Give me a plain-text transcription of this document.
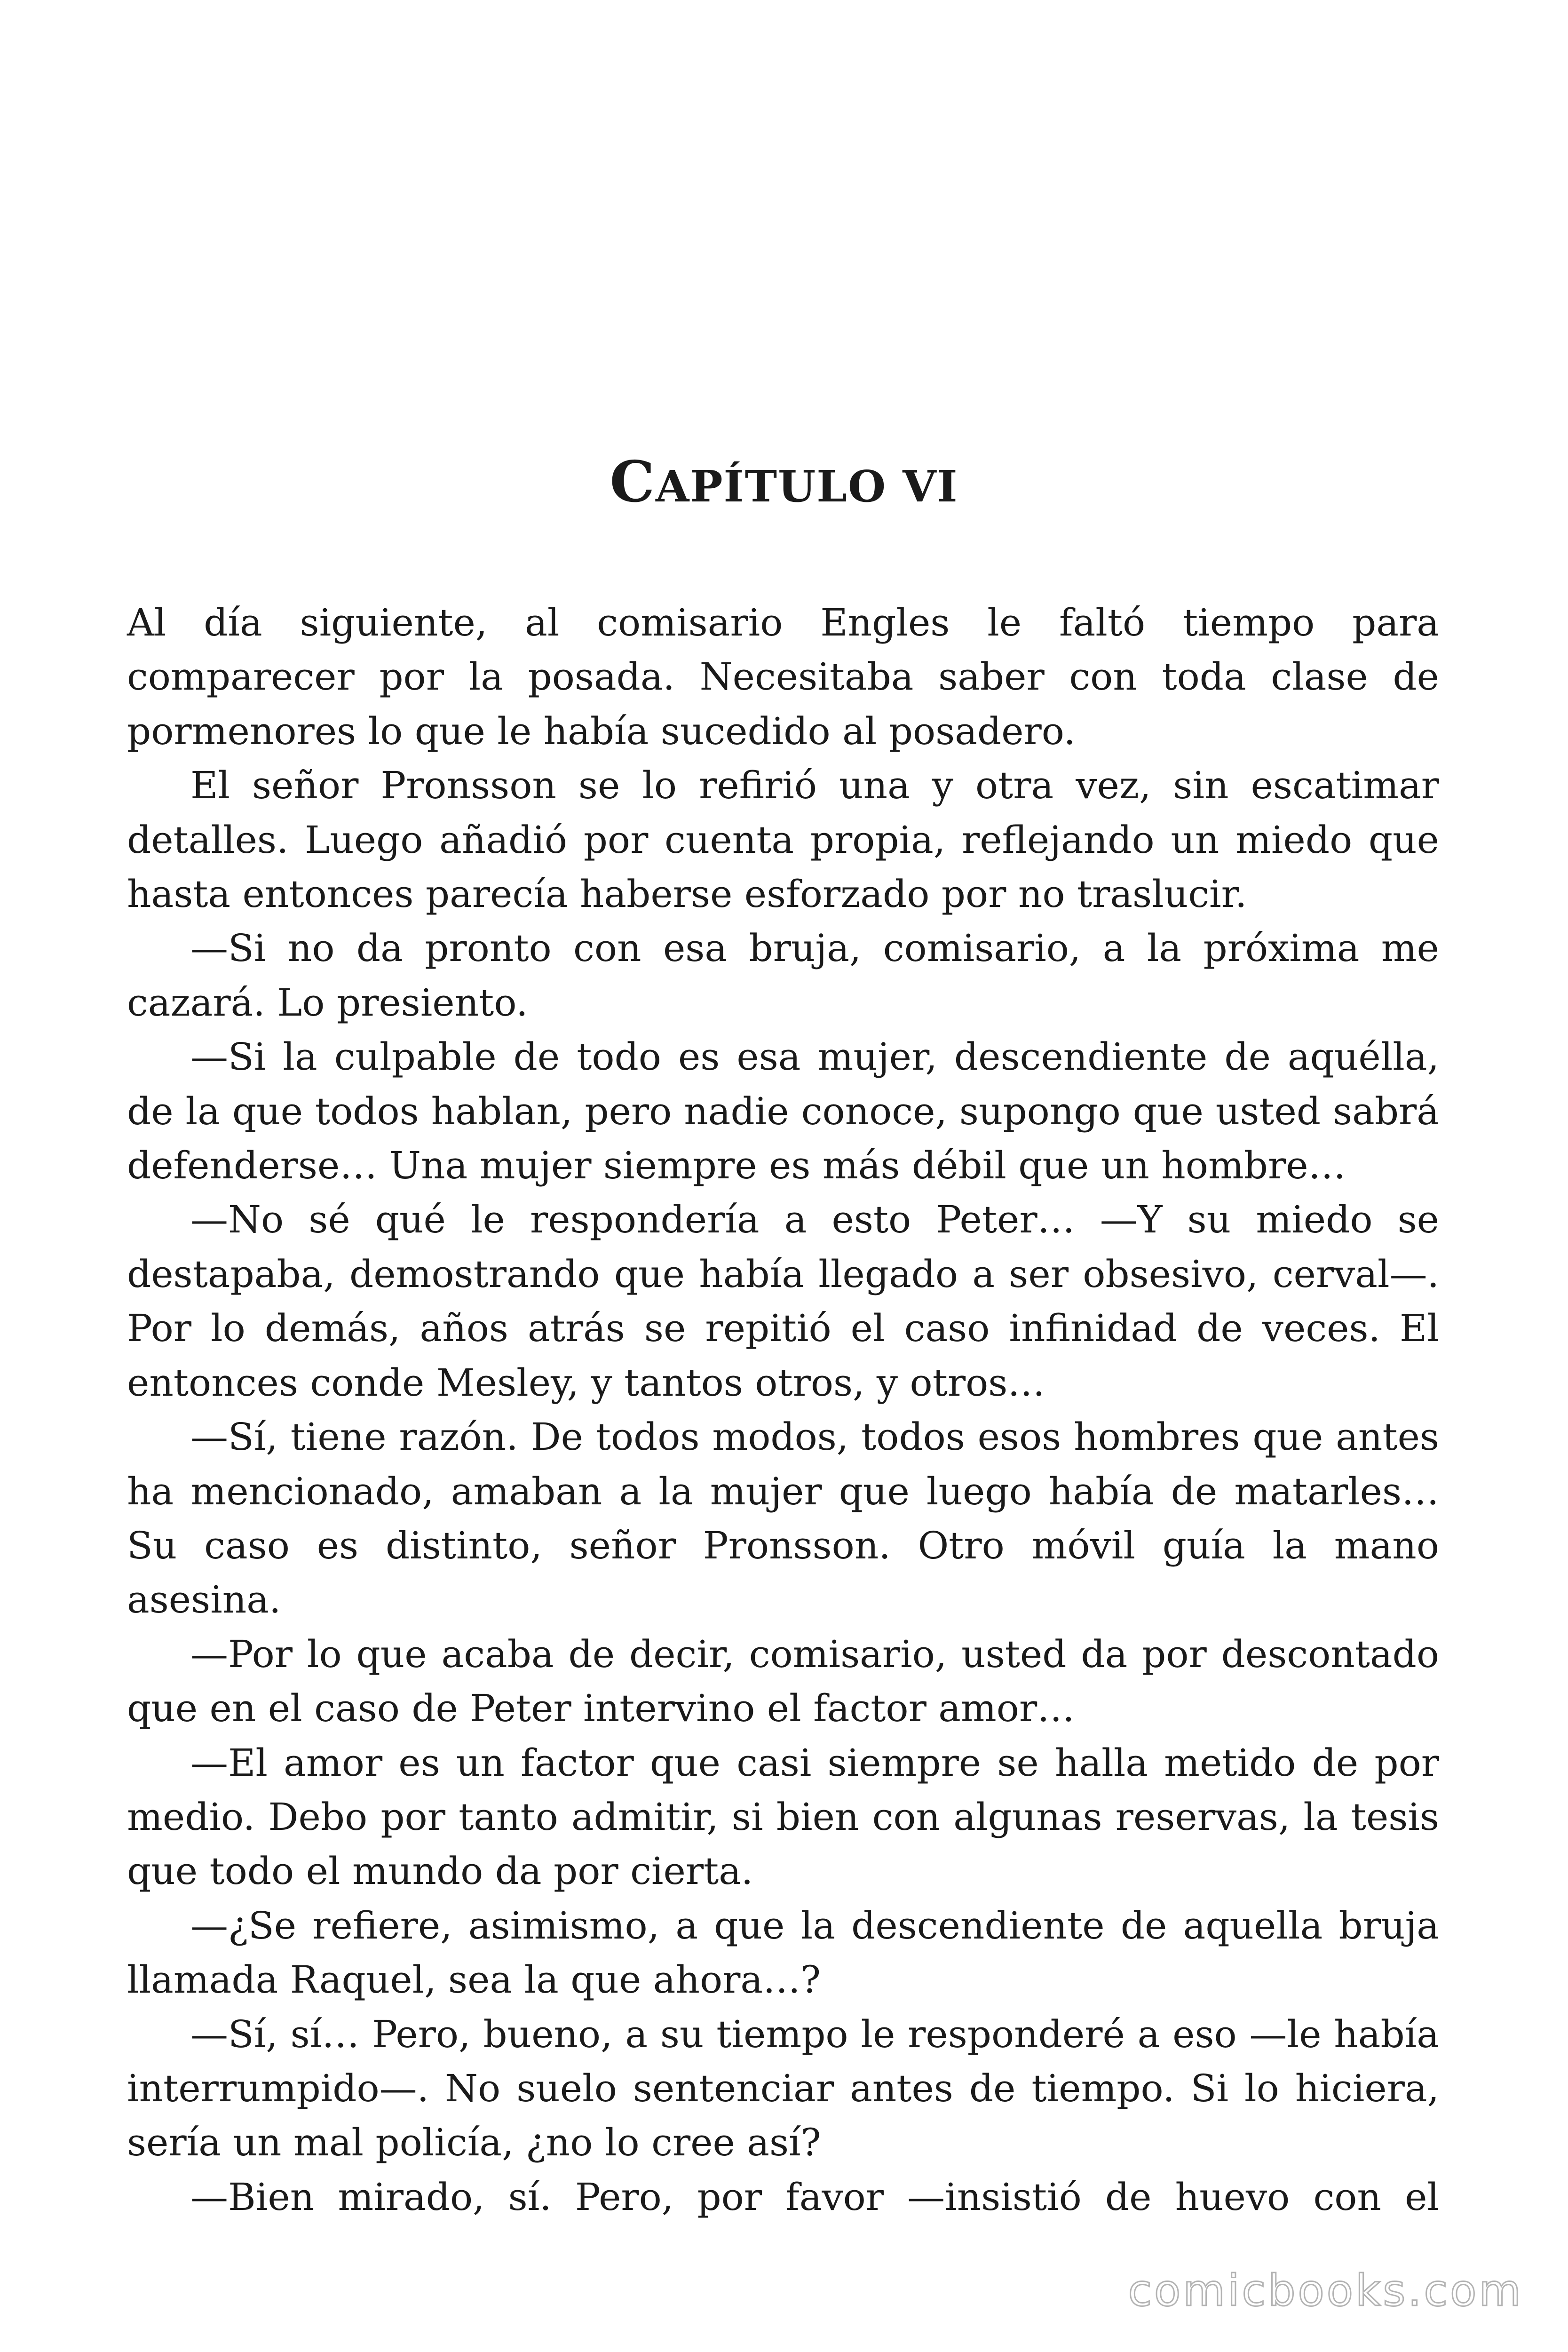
CAPÍTULO VI

Al día siguiente, al comisario Engles le faltó tiempo para comparecer por la posada. Necesitaba saber con toda clase de pormenores lo que le había sucedido al posadero.

El señor Pronsson se lo refirió una y otra vez, sin escatimar detalles. Luego añadió por cuenta propia, reflejando un miedo que hasta entonces parecía haberse esforzado por no traslucir.

—Si no da pronto con esa bruja, comisario, a la próxima me cazará. Lo presiento.

—Si la culpable de todo es esa mujer, descendiente de aquélla, de la que todos hablan, pero nadie conoce, supongo que usted sabrá defenderse… Una mujer siempre es más débil que un hombre…

—No sé qué le respondería a esto Peter… —Y su miedo se destapaba, demostrando que había llegado a ser obsesivo, cerval—. Por lo demás, años atrás se repitió el caso infinidad de veces. El entonces conde Mesley, y tantos otros, y otros…

—Sí, tiene razón. De todos modos, todos esos hombres que antes ha mencionado, amaban a la mujer que luego había de matarles… Su caso es distinto, señor Pronsson. Otro móvil guía la mano asesina.

—Por lo que acaba de decir, comisario, usted da por descontado que en el caso de Peter intervino el factor amor…

—El amor es un factor que casi siempre se halla metido de por medio. Debo por tanto admitir, si bien con algunas reservas, la tesis que todo el mundo da por cierta.

—¿Se refiere, asimismo, a que la descendiente de aquella bruja llamada Raquel, sea la que ahora…?

—Sí, sí… Pero, bueno, a su tiempo le responderé a eso —le había interrumpido—. No suelo sentenciar antes de tiempo. Si lo hiciera, sería un mal policía, ¿no lo cree así?

—Bien mirado, sí. Pero, por favor —insistió de huevo con el

comicbooks.com
